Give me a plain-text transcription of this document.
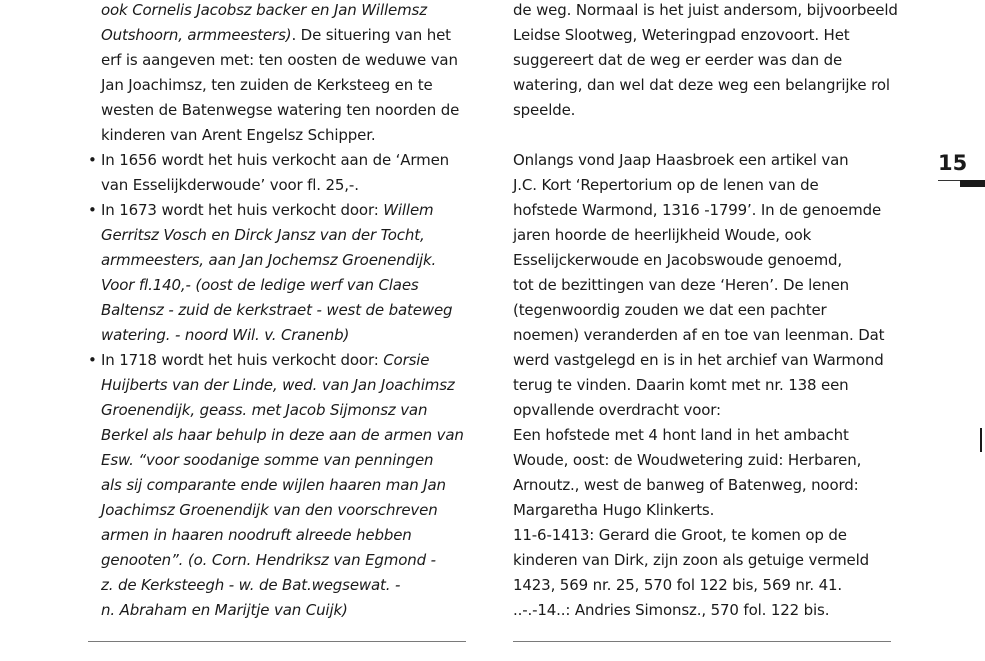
ook Cornelis Jacobsz backer en Jan Willemsz
Outshoorn, armmeesters). De situering van het
erf is aangeven met: ten oosten de weduwe van
Jan Joachimsz, ten zuiden de Kerksteeg en te
westen de Batenwegse watering ten noorden de
kinderen van Arent Engelsz Schipper.
• In 1656 wordt het huis verkocht aan de ‘Armen
van Esselijkderwoude’ voor fl. 25,-.
• In 1673 wordt het huis verkocht door: Willem
Gerritsz Vosch en Dirck Jansz van der Tocht,
armmeesters, aan Jan Jochemsz Groenendijk.
Voor fl.140,- (oost de ledige werf van Claes
Baltensz - zuid de kerkstraet - west de bateweg
watering. - noord Wil. v. Cranenb)
• In 1718 wordt het huis verkocht door: Corsie
Huijberts van der Linde, wed. van Jan Joachimsz
Groenendijk, geass. met Jacob Sijmonsz van
Berkel als haar behulp in deze aan de armen van
Esw. “voor soodanige somme van penningen
als sij comparante ende wijlen haaren man Jan
Joachimsz Groenendijk van den voorschreven
armen in haaren noodruft alreede hebben
genooten”. (o. Corn. Hendriksz van Egmond -
z. de Kerksteegh - w. de Bat.wegsewat. -
n. Abraham en Marijtje van Cuijk)
de weg. Normaal is het juist andersom, bijvoorbeeld
Leidse Slootweg, Weteringpad enzovoort. Het
suggereert dat de weg er eerder was dan de
watering, dan wel dat deze weg een belangrijke rol
speelde.
Onlangs vond Jaap Haasbroek een artikel van
J.C. Kort ‘Repertorium op de lenen van de
hofstede Warmond, 1316 -1799’. In de genoemde
jaren hoorde de heerlijkheid Woude, ook
Esselijckerwoude en Jacobswoude genoemd,
tot de bezittingen van deze ‘Heren’. De lenen
(tegenwoordig zouden we dat een pachter
noemen) veranderden af en toe van leenman. Dat
werd vastgelegd en is in het archief van Warmond
terug te vinden. Daarin komt met nr. 138 een
opvallende overdracht voor:
Een hofstede met 4 hont land in het ambacht
Woude, oost: de Woudwetering zuid: Herbaren,
Arnoutz., west de banweg of Batenweg, noord:
Margaretha Hugo Klinkerts.
11-6-1413: Gerard die Groot, te komen op de
kinderen van Dirk, zijn zoon als getuige vermeld
1423, 569 nr. 25, 570 fol 122 bis, 569 nr. 41.
..-.-14..: Andries Simonsz., 570 fol. 122 bis.
15
